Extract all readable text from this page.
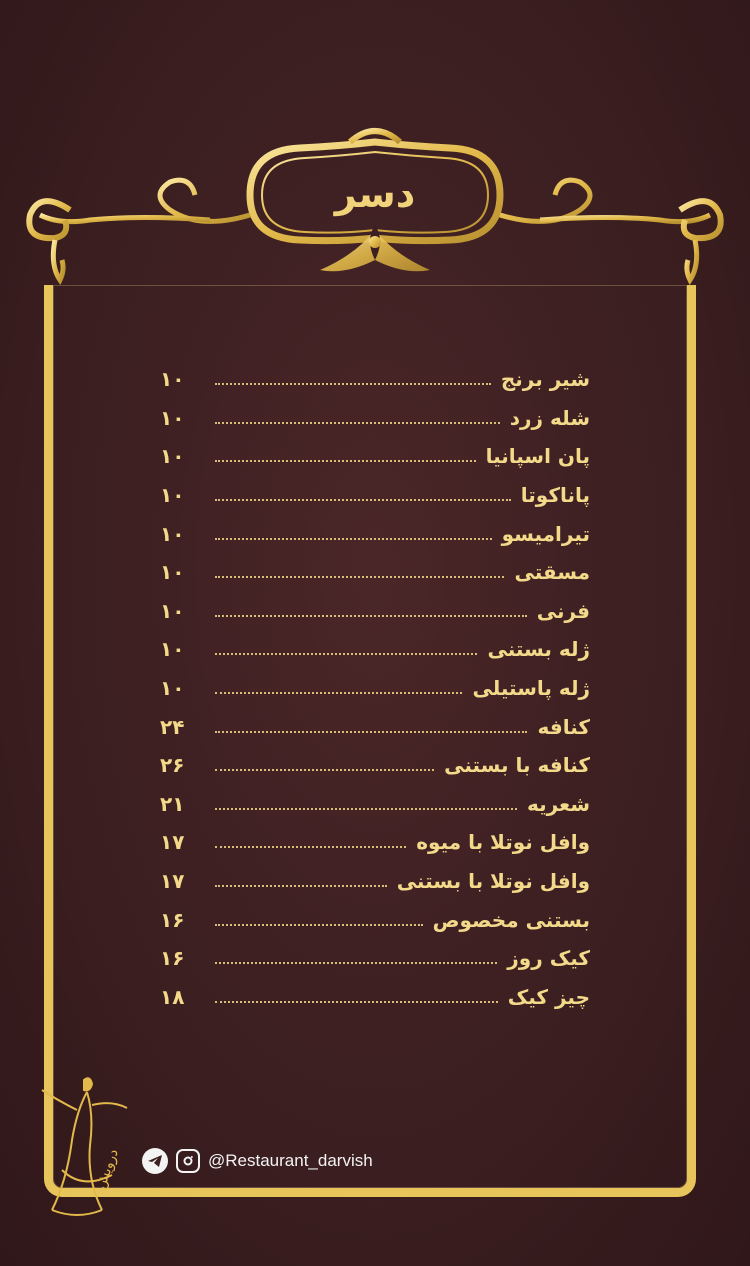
دسر
شیر برنج
۱۰
شله زرد
۱۰
پان اسپانیا
۱۰
پاناکوتا
۱۰
تیرامیسو
۱۰
مسقتی
۱۰
فرنی
۱۰
ژله بستنی
۱۰
ژله پاستیلی
۱۰
کنافه
۲۴
کنافه با بستنی
۲۶
شعریه
۲۱
وافل نوتلا با میوه
۱۷
وافل نوتلا با بستنی
۱۷
بستنی مخصوص
۱۶
کیک روز
۱۶
چیز کیک
۱۸
درویش	@Restaurant_darvish
